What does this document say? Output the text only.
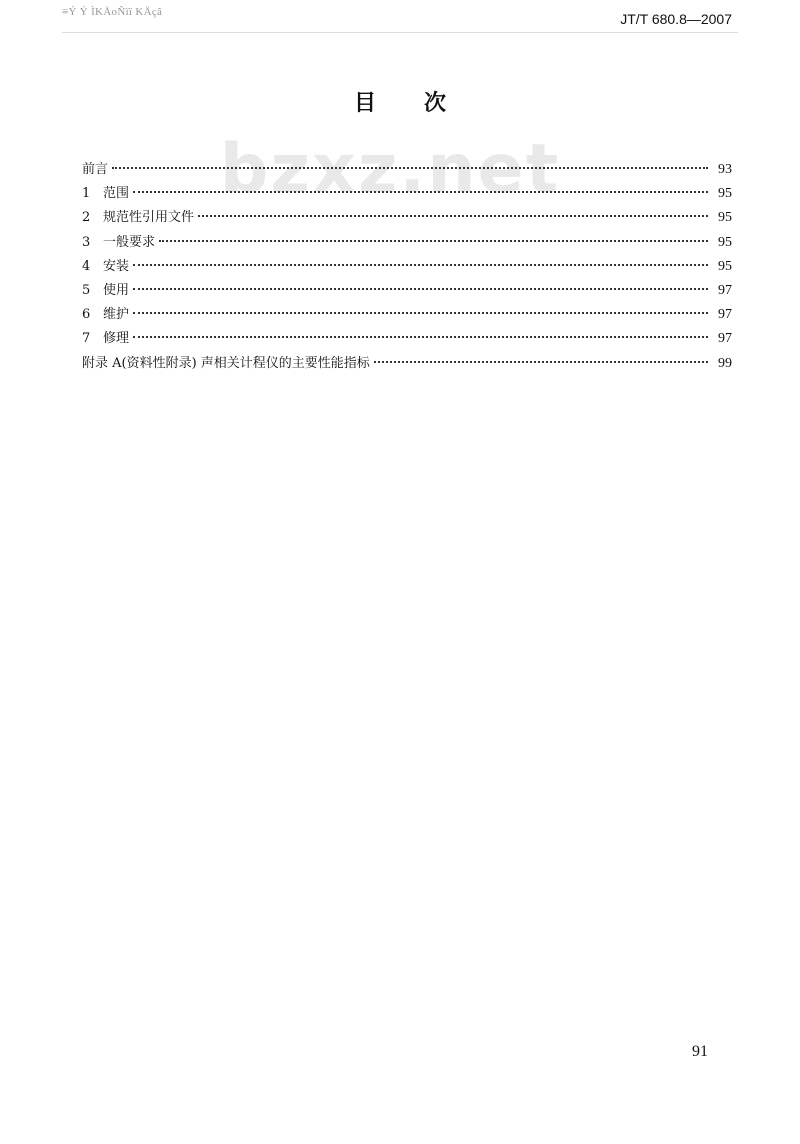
≡Ý Ý ÌKÄoÑïï KÄçã	JT/T 680.8—2007
bzxz.net
目次
前言	93
1 范围	95
2 规范性引用文件	95
3 一般要求	95
4 安装	95
5 使用	97
6 维护	97
7 修理	97
附录 A(资料性附录) 声相关计程仪的主要性能指标	99
91
